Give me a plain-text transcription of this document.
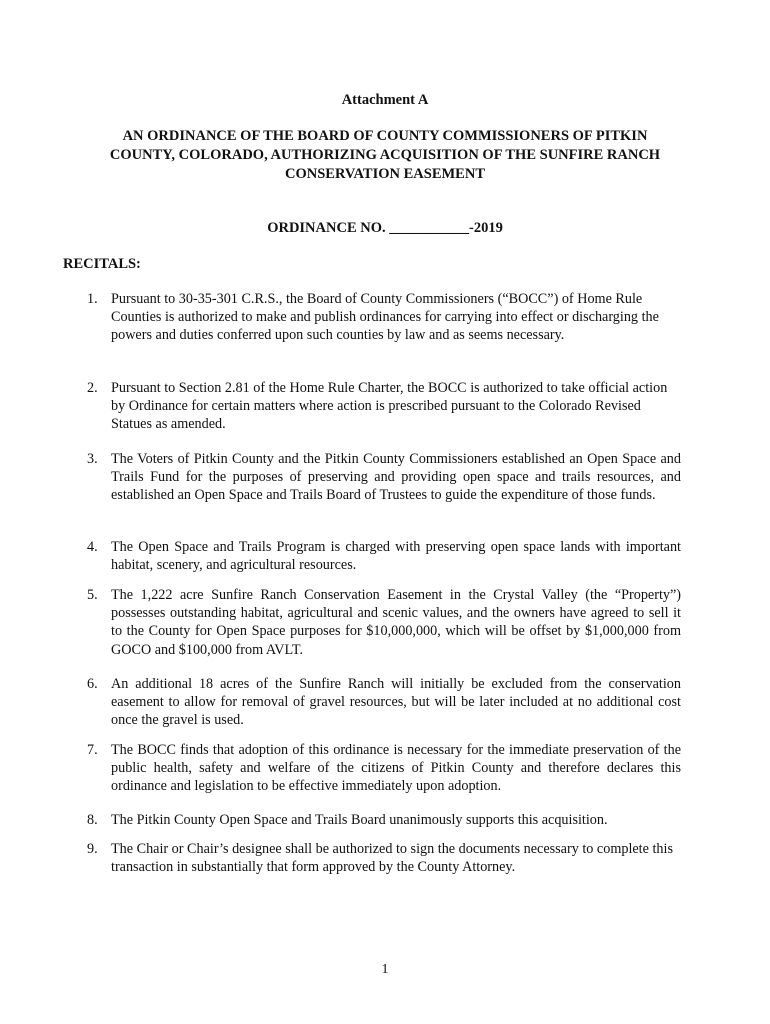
Attachment A
AN ORDINANCE OF THE BOARD OF COUNTY COMMISSIONERS OF PITKIN COUNTY, COLORADO, AUTHORIZING ACQUISITION OF THE SUNFIRE RANCH CONSERVATION EASEMENT
ORDINANCE NO. ___________-2019
RECITALS:
1. Pursuant to 30-35-301 C.R.S., the Board of County Commissioners (“BOCC”) of Home Rule Counties is authorized to make and publish ordinances for carrying into effect or discharging the powers and duties conferred upon such counties by law and as seems necessary.
2. Pursuant to Section 2.81 of the Home Rule Charter, the BOCC is authorized to take official action by Ordinance for certain matters where action is prescribed pursuant to the Colorado Revised Statues as amended.
3. The Voters of Pitkin County and the Pitkin County Commissioners established an Open Space and Trails Fund for the purposes of preserving and providing open space and trails resources, and established an Open Space and Trails Board of Trustees to guide the expenditure of those funds.
4. The Open Space and Trails Program is charged with preserving open space lands with important habitat, scenery, and agricultural resources.
5. The 1,222 acre Sunfire Ranch Conservation Easement in the Crystal Valley (the “Property”) possesses outstanding habitat, agricultural and scenic values, and the owners have agreed to sell it to the County for Open Space purposes for $10,000,000, which will be offset by $1,000,000 from GOCO and $100,000 from AVLT.
6. An additional 18 acres of the Sunfire Ranch will initially be excluded from the conservation easement to allow for removal of gravel resources, but will be later included at no additional cost once the gravel is used.
7. The BOCC finds that adoption of this ordinance is necessary for the immediate preservation of the public health, safety and welfare of the citizens of Pitkin County and therefore declares this ordinance and legislation to be effective immediately upon adoption.
8. The Pitkin County Open Space and Trails Board unanimously supports this acquisition.
9. The Chair or Chair’s designee shall be authorized to sign the documents necessary to complete this transaction in substantially that form approved by the County Attorney.
1
